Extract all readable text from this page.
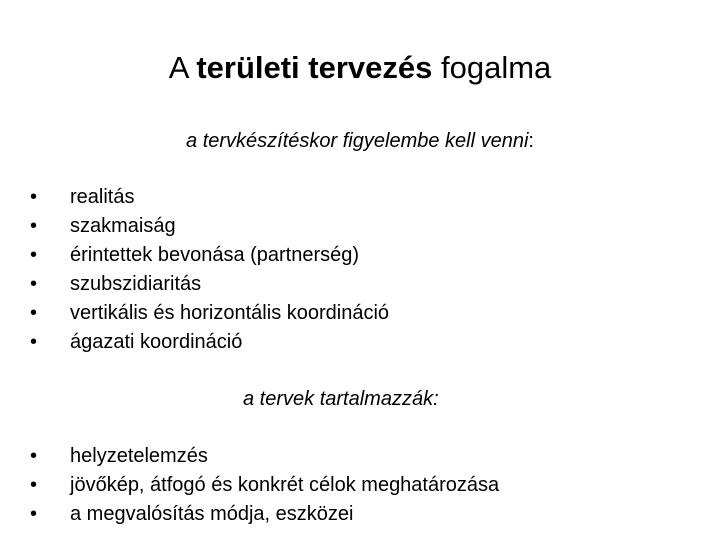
A területi tervezés fogalma
a tervkészítéskor figyelembe kell venni:
• realitás
• szakmaiság
• érintettek bevonása (partnerség)
• szubszidiaritás
• vertikális és horizontális koordináció
• ágazati koordináció
a tervek tartalmazzák:
• helyzetelemzés
• jövőkép, átfogó és konkrét célok meghatározása
• a megvalósítás módja, eszközei
